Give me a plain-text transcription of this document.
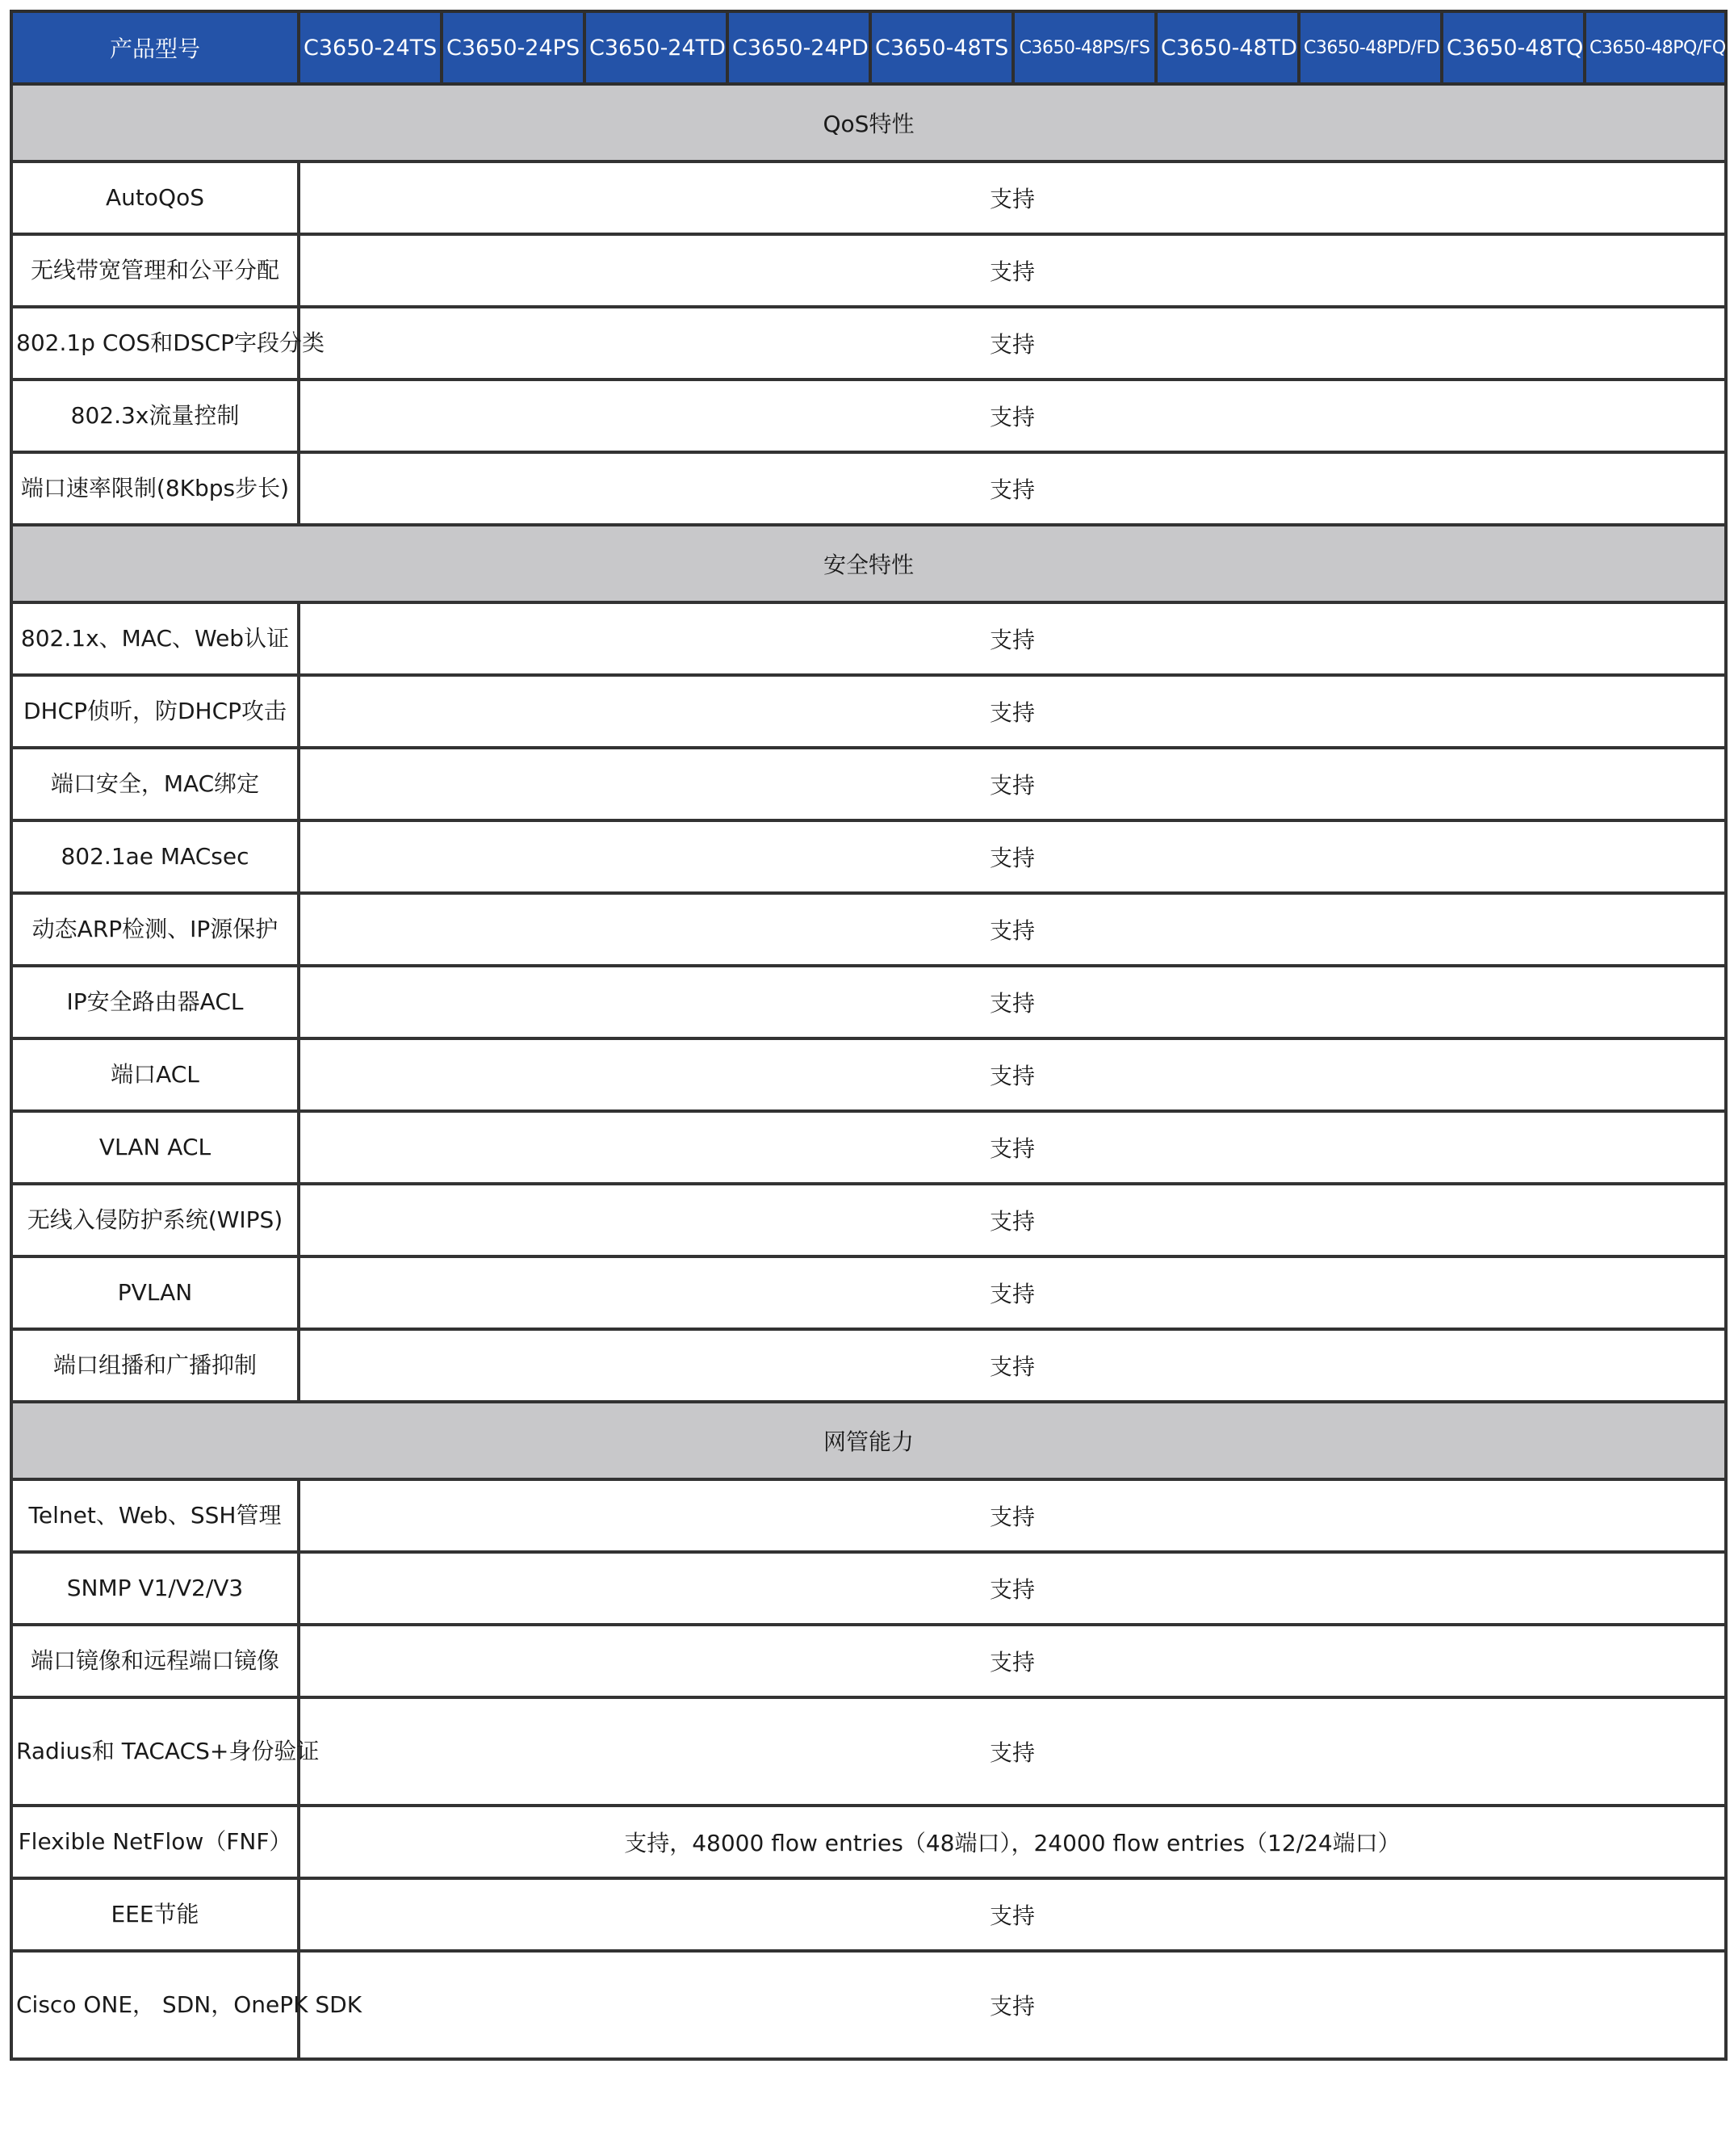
产品型号	C3650-24TS	C3650-24PS	C3650-24TD	C3650-24PD	C3650-48TS	C3650-48PS/FS	C3650-48TD	C3650-48PD/FD	C3650-48TQ	C3650-48PQ/FQ
QoS特性										
AutoQoS	支持									
无线带宽管理和公平分配	支持									
802.1p COS和DSCP字段分类	支持									
802.3x流量控制	支持									
端口速率限制(8Kbps步长)	支持									
安全特性										
802.1x、MAC、Web认证	支持									
DHCP侦听，防DHCP攻击	支持									
端口安全，MAC绑定	支持									
802.1ae MACsec	支持									
动态ARP检测、IP源保护	支持									
IP安全路由器ACL	支持									
端口ACL	支持									
VLAN ACL	支持									
无线入侵防护系统(WIPS)	支持									
PVLAN	支持									
端口组播和广播抑制	支持									
网管能力										
Telnet、Web、SSH管理	支持									
SNMP V1/V2/V3	支持									
端口镜像和远程端口镜像	支持									
Radius和 TACACS+身份验证	支持									
Flexible NetFlow（FNF）	支持，48000 flow entries（48端口），24000 flow entries（12/24端口）									
EEE节能	支持									
Cisco ONE， SDN，OnePK SDK	支持									
